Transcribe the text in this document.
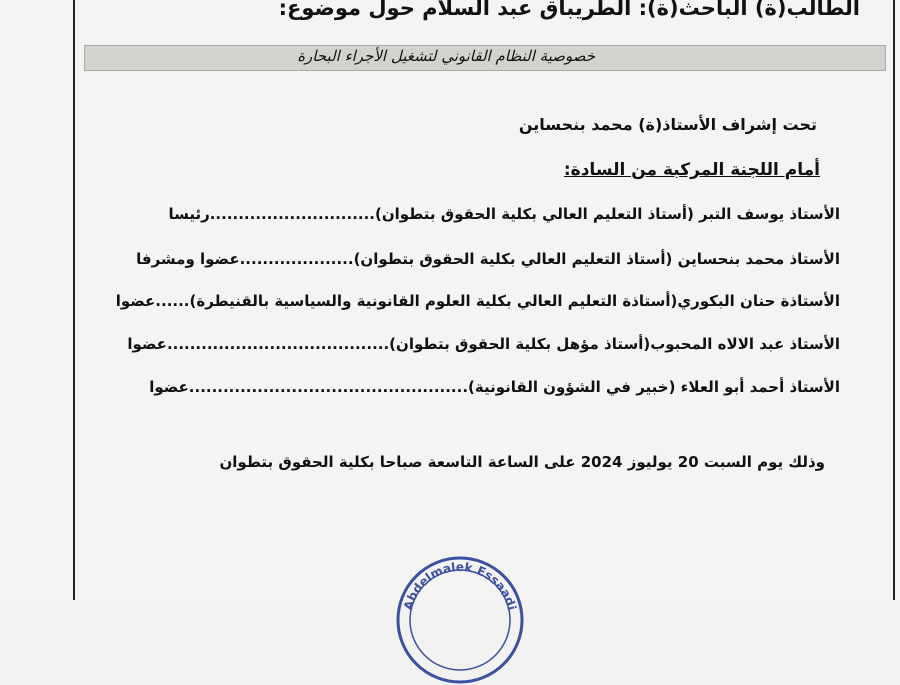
الطالب(ة) الباحث(ة): الطريباق عبد السلام حول موضوع:
خصوصية النظام القانوني لتشغيل الأجراء البحارة
تحت إشراف الأستاذ(ة) محمد بنحساين
أمام اللجنة المركبة من السادة:
الأستاذ يوسف التبر (أستاذ التعليم العالي بكلية الحقوق بتطوان).............................رئيسا
الأستاذ محمد بنحساين (أستاذ التعليم العالي بكلية الحقوق بتطوان)....................عضوا ومشرفا
الأستاذة حنان البكوري(أستاذة التعليم العالي بكلية العلوم القانونية والسياسية بالقنيطرة)......عضوا
الأستاذ عبد الالاه المحبوب(أستاذ مؤهل بكلية الحقوق بتطوان).......................................عضوا
الأستاذ أحمد أبو العلاء (خبير في الشؤون القانونية).................................................عضوا
وذلك يوم السبت 20 يوليوز 2024 على الساعة التاسعة صباحا بكلية الحقوق بتطوان
Abdelmalek Essaadi
